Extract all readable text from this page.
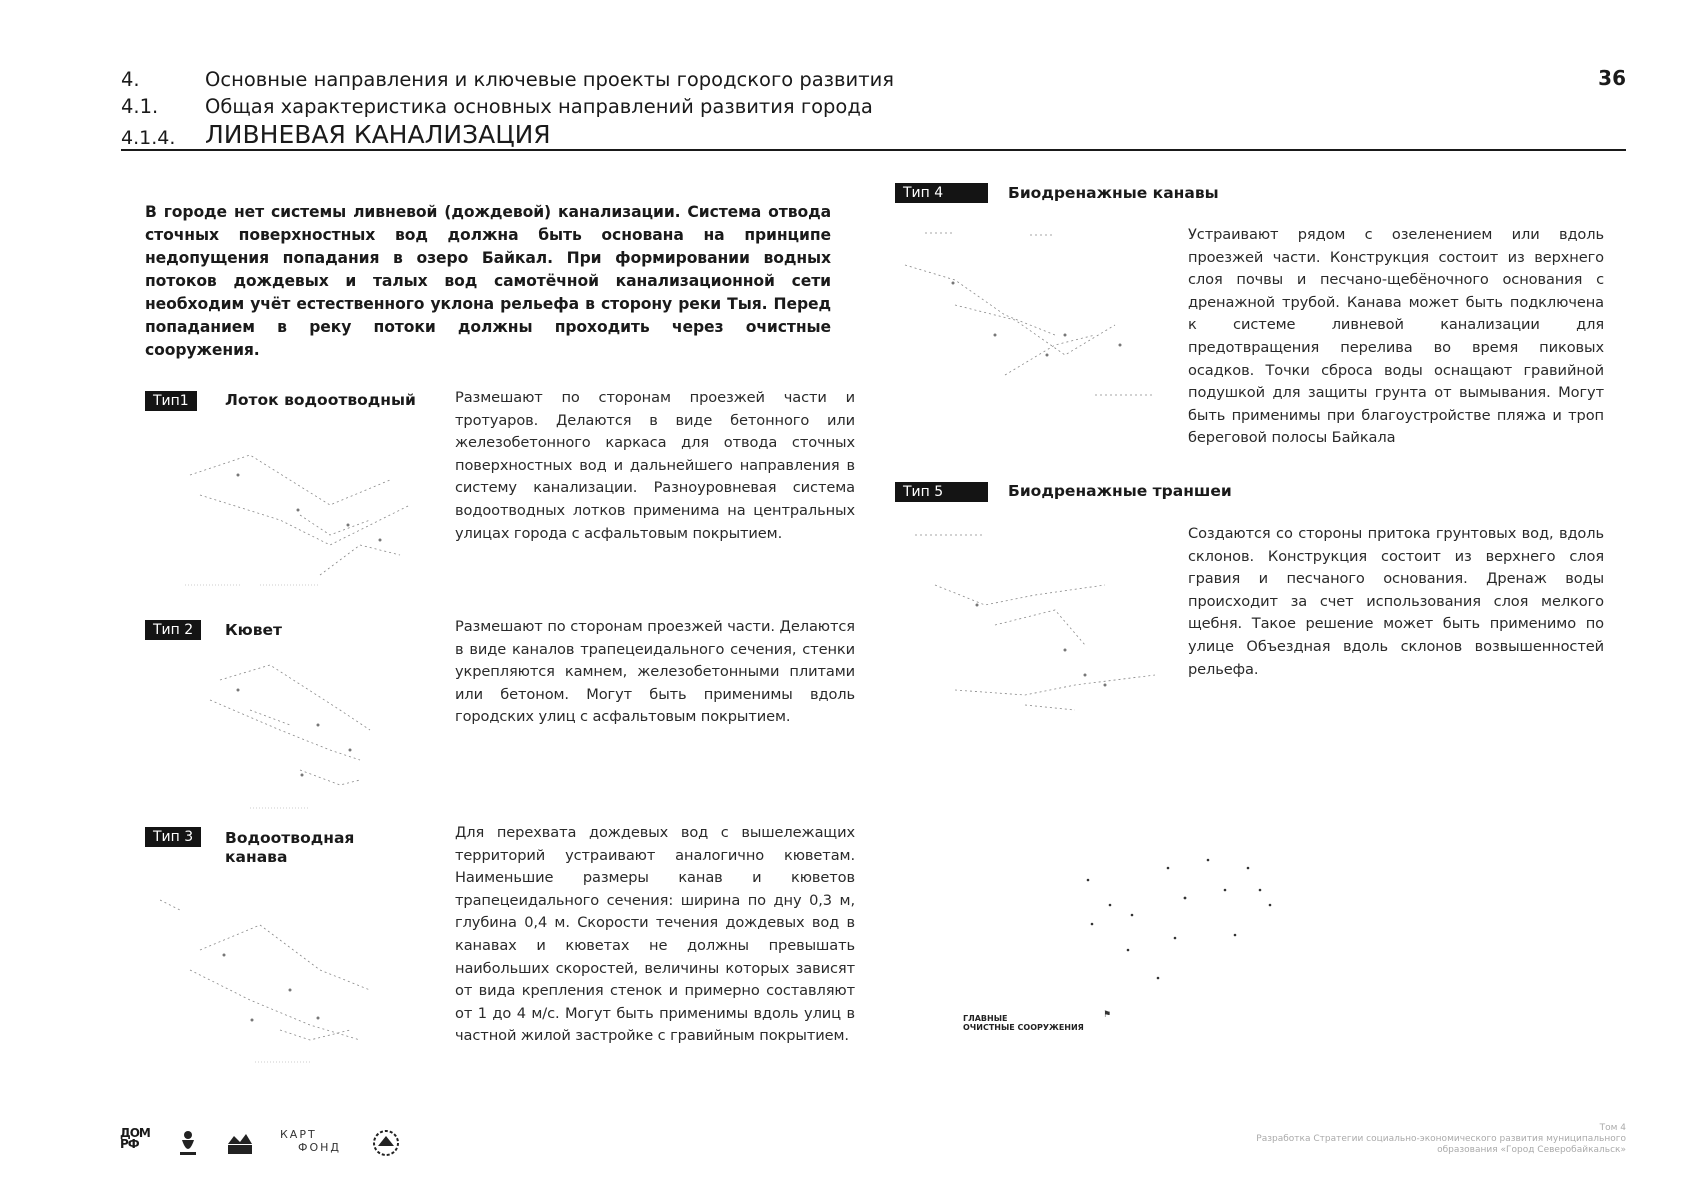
4.	Основные направления и ключевые проекты городского развития
4.1. Общая характеристика основных направлений развития города
4.1.4. ЛИВНЕВАЯ КАНАЛИЗАЦИЯ
36
В городе нет системы ливневой (дождевой) канализации. Система отвода сточных поверхностных вод должна быть основана на принципе недопущения попадания в озеро Байкал. При формировании водных потоков дождевых и талых вод самотёчной канализационной сети необходим учёт естественного уклона рельефа в сторону реки Тыя. Перед попаданием в реку потоки должны проходить через очистные сооружения.
Тип1	Лоток водоотводный	Размешают по сторонам проезжей части и тротуаров. Делаются в виде бетонного или железобетонного каркаса для отвода сточных поверхностных вод и дальнейшего направления в систему канализации. Разноуровневая система водоотводных лотков применима на центральных улицах города с асфальтовым покрытием.
Тип 2	Кювет	Размешают по сторонам проезжей части. Делаются в виде каналов трапецеидального сечения, стенки укрепляются камнем, железобетонными плитами или бетоном. Могут быть применимы вдоль городских улиц с асфальтовым покрытием.
Тип 3	Водоотводная
канава
Для перехвата дождевых вод с вышележащих территорий устраивают аналогично кюветам. Наименьшие размеры канав и кюветов трапецеидального сечения: ширина по дну 0,3 м, глубина 0,4 м. Скорости течения дождевых вод в канавах и кюветах не должны превышать наибольших скоростей, величины которых зависят от вида крепления стенок и примерно составляют от 1 до 4 м/с. Могут быть применимы вдоль улиц в частной жилой застройке с гравийным покрытием.
Тип 4	Биодренажные канавы
Устраивают рядом с озеленением или вдоль проезжей части. Конструкция состоит из верхнего слоя почвы и песчано-щебёночного основания с дренажной трубой. Канава может быть подключена к системе ливневой канализации для предотвращения перелива во время пиковых осадков. Точки сброса воды оснащают гравийной подушкой для защиты грунта от вымывания. Могут быть применимы при благоустройстве пляжа и троп береговой полосы Байкала
Тип 5	Биодренажные траншеи
Создаются со стороны притока грунтовых вод, вдоль склонов. Конструкция состоит из верхнего слоя гравия и песчаного основания. Дренаж воды происходит за счет использования слоя мелкого щебня. Такое решение может быть применимо по улице Объездная вдоль склонов возвышенностей рельефа.
ГЛАВНЫЕ
ОЧИСТНЫЕ СООРУЖЕНИЯ
⚑
ДОМ
РФ
КАРТ
ФОНД
Том 4
Разработка Стратегии социально-экономического развития муниципального
образования «Город Северобайкальск»
